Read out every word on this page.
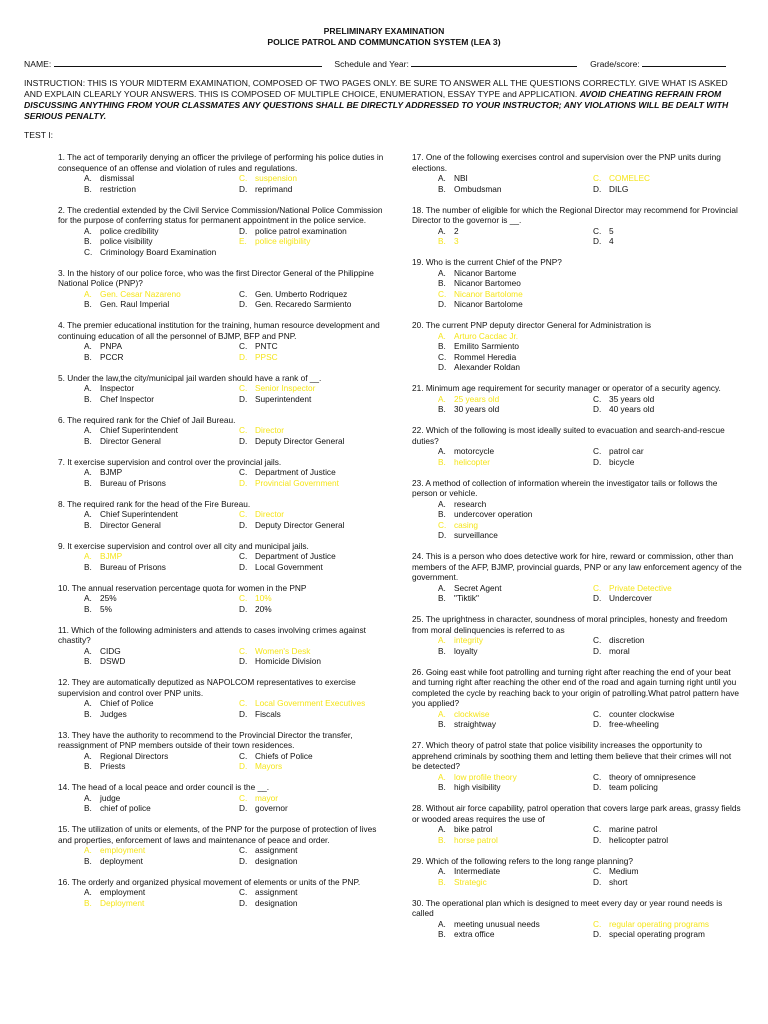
PRELIMINARY EXAMINATION
POLICE PATROL AND COMMUNCATION SYSTEM (LEA 3)
NAME:	Schedule and Year:	Grade/score:
INSTRUCTION: THIS IS YOUR MIDTERM EXAMINATION, COMPOSED OF TWO PAGES ONLY. BE SURE TO ANSWER ALL THE QUESTIONS CORRECTLY. GIVE WHAT IS ASKED AND EXPLAIN CLEARLY YOUR ANSWERS. THIS IS COMPOSED OF MULTIPLE CHOICE, ENUMERATION, ESSAY TYPE and APPLICATION. AVOID CHEATING REFRAIN FROM DISCUSSING ANYTHING FROM YOUR CLASSMATES ANY QUESTIONS SHALL BE DIRECTLY ADDRESSED TO YOUR INSTRUCTOR; ANY VIOLATIONS WILL BE DEALT WITH SERIOUS PENALTY.
TEST I:
1. The act of temporarily denying an officer the privilege of performing his police duties in consequence of an offense and violation of rules and regulations.
A. dismissal	C. suspension
B. restriction	D. reprimand
2. The credential extended by the Civil Service Commission/National Police Commission for the purpose of conferring status for permanent appointment in the police service.
A. police credibility	D. police patrol examination
B. police visibility	E. police eligibility
C. Criminology Board Examination
3. In the history of our police force, who was the first Director General of the Philippine National Police (PNP)?
A. Gen. Cesar Nazareno	C. Gen. Umberto Rodriquez
B. Gen. Raul Imperial	D. Gen. Recaredo Sarmiento
4. The premier educational institution for the training, human resource development and continuing education of all the personnel of BJMP, BFP and PNP.
A. PNPA	C. PNTC
B. PCCR	D. PPSC
5. Under the law,the city/municipal jail warden should have a rank of __.
A. Inspector	C. Senior Inspector
B. Chef Inspector	D. Superintendent
6. The required rank for the Chief of Jail Bureau.
A. Chief Superintendent	C. Director
B. Director General	D. Deputy Director General
7. It exercise supervision and control over the provincial jails.
A. BJMP	C. Department of Justice
B. Bureau of Prisons	D. Provincial Government
8. The required rank for the head of the Fire Bureau.
A. Chief Superintendent	C. Director
B. Director General	D. Deputy Director General
9. It exercise supervision and control over all city and municipal jails.
A. BJMP	C. Department of Justice
B. Bureau of Prisons	D. Local Government
10. The annual reservation percentage quota for women in the PNP
A. 25%	C. 10%
B. 5%	D. 20%
11. Which of the following administers and attends to cases involving crimes against chastity?
A. CIDG	C. Women's Desk
B. DSWD	D. Homicide Division
12. They are automatically deputized as NAPOLCOM representatives to exercise supervision and control over PNP units.
A. Chief of Police	C. Local Government Executives
B. Judges	D. Fiscals
13. They have the authority to recommend to the Provincial Director the transfer, reassignment of PNP members outside of their town residences.
A. Regional Directors	C. Chiefs of Police
B. Priests	D. Mayors
14. The head of a local peace and order council is the __.
A. judge	C. mayor
B. chief of police	D. governor
15. The utilization of units or elements, of the PNP for the purpose of protection of lives and properties, enforcement of laws and maintenance of peace and order.
A. employment	C. assignment
B. deployment	D. designation
16. The orderly and organized physical movement of elements or units of the PNP.
A. employment	C. assignment
B. Deployment	D. designation
17. One of the following exercises control and supervision over the PNP units during elections.
A. NBI	C. COMELEC
B. Ombudsman	D. DILG
18. The number of eligible for which the Regional Director may recommend for Provincial Director to the governor is __.
A. 2	C. 5
B. 3	D. 4
19. Who is the current Chief of the PNP?
A. Nicanor Bartome
B. Nicanor Bartomeo
C. Nicanor Bartolome
D. Nicanor Bartolome
20. The current PNP deputy director General for Administration is
A. Arturo Cacdac Jr.
B. Emilito Sarmiento
C. Rommel Heredia
D. Alexander Roldan
21. Minimum age requirement for security manager or operator of a security agency.
A. 25 years old	C. 35 years old
B. 30 years old	D. 40 years old
22. Which of the following is most ideally suited to evacuation and search-and-rescue duties?
A. motorcycle	C. patrol car
B. helicopter	D. bicycle
23. A method of collection of information wherein the investigator tails or follows the person or vehicle.
A. research
B. undercover operation
C. casing
D. surveillance
24. This is a person who does detective work for hire, reward or commission, other than members of the AFP, BJMP, provincial guards, PNP or any law enforcement agency of the government.
A. Secret Agent	C. Private Detective
B. "Tiktik"	D. Undercover
25. The uprightness in character, soundness of moral principles, honesty and freedom from moral delinquencies is referred to as
A. integrity	C. discretion
B. loyalty	D. moral
26. Going east while foot patrolling and turning right after reaching the end of your beat and turning right after reaching the other end of the road and again turning right until you completed the cycle by reaching back to your origin of patrolling.What patrol pattern have you applied?
A. clockwise	C. counter clockwise
B. straightway	D. free-wheeling
27. Which theory of patrol state that police visibility increases the opportunity to apprehend criminals by soothing them and letting them believe that their crimes will not be detected?
A. low profile theory	C. theory of omnipresence
B. high visibility	D. team policing
28. Without air force capability, patrol operation that covers large park areas, grassy fields or wooded areas requires the use of
A. bike patrol	C. marine patrol
B. horse patrol	D. helicopter patrol
29. Which of the following refers to the long range planning?
A. Intermediate	C. Medium
B. Strategic	D. short
30. The operational plan which is designed to meet every day or year round needs is called
A. meeting unusual needs	C. regular operating programs
B. extra office	D. special operating program
